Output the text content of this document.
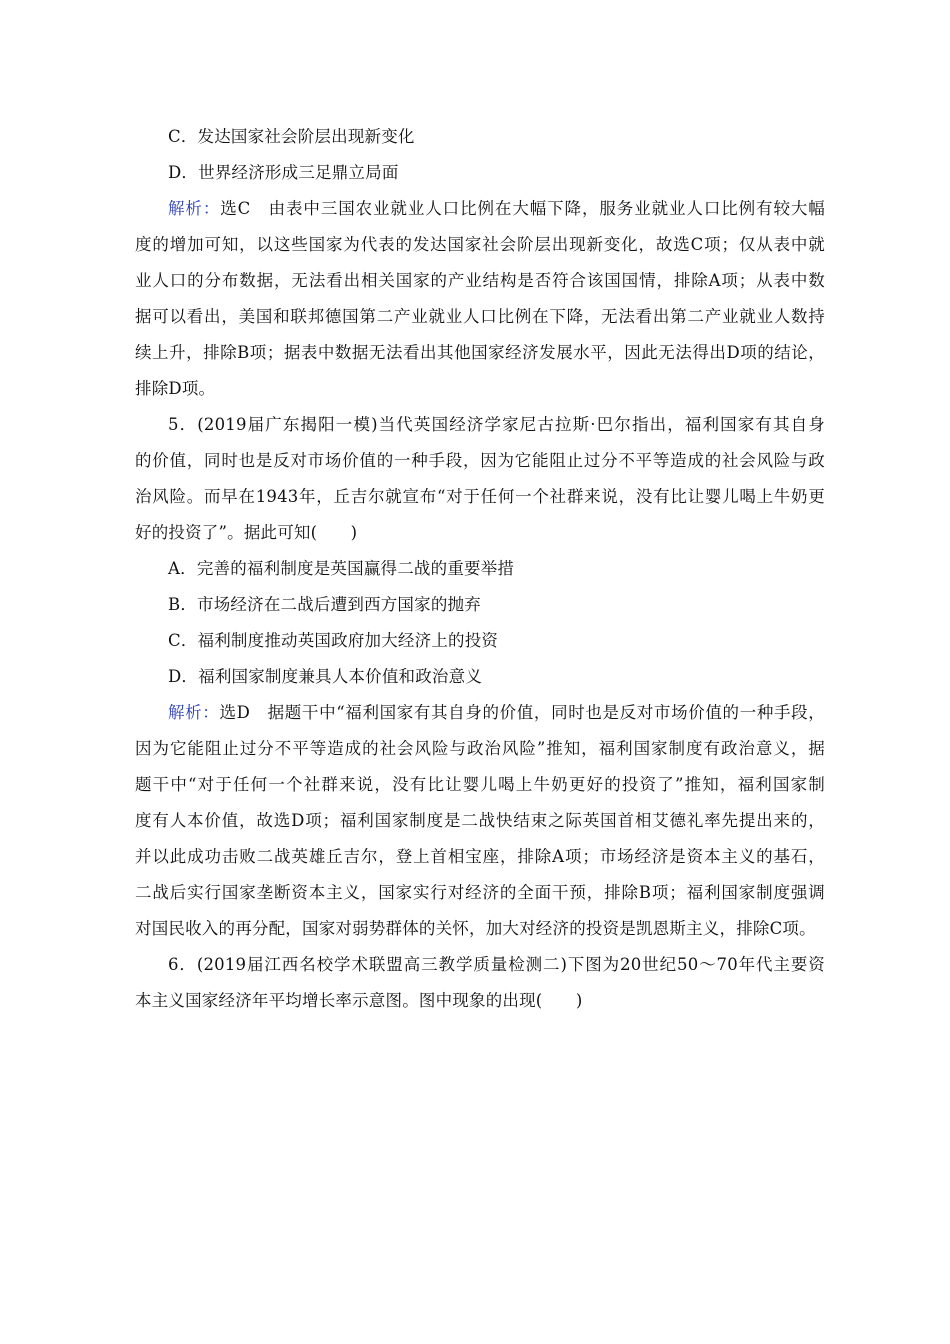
C．发达国家社会阶层出现新变化
D．世界经济形成三足鼎立局面
解析：选C　由表中三国农业就业人口比例在大幅下降，服务业就业人口比例有较大幅
度的增加可知，以这些国家为代表的发达国家社会阶层出现新变化，故选C项；仅从表中就
业人口的分布数据，无法看出相关国家的产业结构是否符合该国国情，排除A项；从表中数
据可以看出，美国和联邦德国第二产业就业人口比例在下降，无法看出第二产业就业人数持
续上升，排除B项；据表中数据无法看出其他国家经济发展水平，因此无法得出D项的结论，
排除D项。
5．(2019届广东揭阳一模)当代英国经济学家尼古拉斯·巴尔指出，福利国家有其自身
的价值，同时也是反对市场价值的一种手段，因为它能阻止过分不平等造成的社会风险与政
治风险。而早在1943年，丘吉尔就宣布“对于任何一个社群来说，没有比让婴儿喝上牛奶更
好的投资了”。据此可知(　　)
A．完善的福利制度是英国赢得二战的重要举措
B．市场经济在二战后遭到西方国家的抛弃
C．福利制度推动英国政府加大经济上的投资
D．福利国家制度兼具人本价值和政治意义
解析：选D　据题干中“福利国家有其自身的价值，同时也是反对市场价值的一种手段，
因为它能阻止过分不平等造成的社会风险与政治风险”推知，福利国家制度有政治意义，据
题干中“对于任何一个社群来说，没有比让婴儿喝上牛奶更好的投资了”推知，福利国家制
度有人本价值，故选D项；福利国家制度是二战快结束之际英国首相艾德礼率先提出来的，
并以此成功击败二战英雄丘吉尔，登上首相宝座，排除A项；市场经济是资本主义的基石，
二战后实行国家垄断资本主义，国家实行对经济的全面干预，排除B项；福利国家制度强调
对国民收入的再分配，国家对弱势群体的关怀，加大对经济的投资是凯恩斯主义，排除C项。
6．(2019届江西名校学术联盟高三教学质量检测二)下图为20世纪50～70年代主要资
本主义国家经济年平均增长率示意图。图中现象的出现(　　)
